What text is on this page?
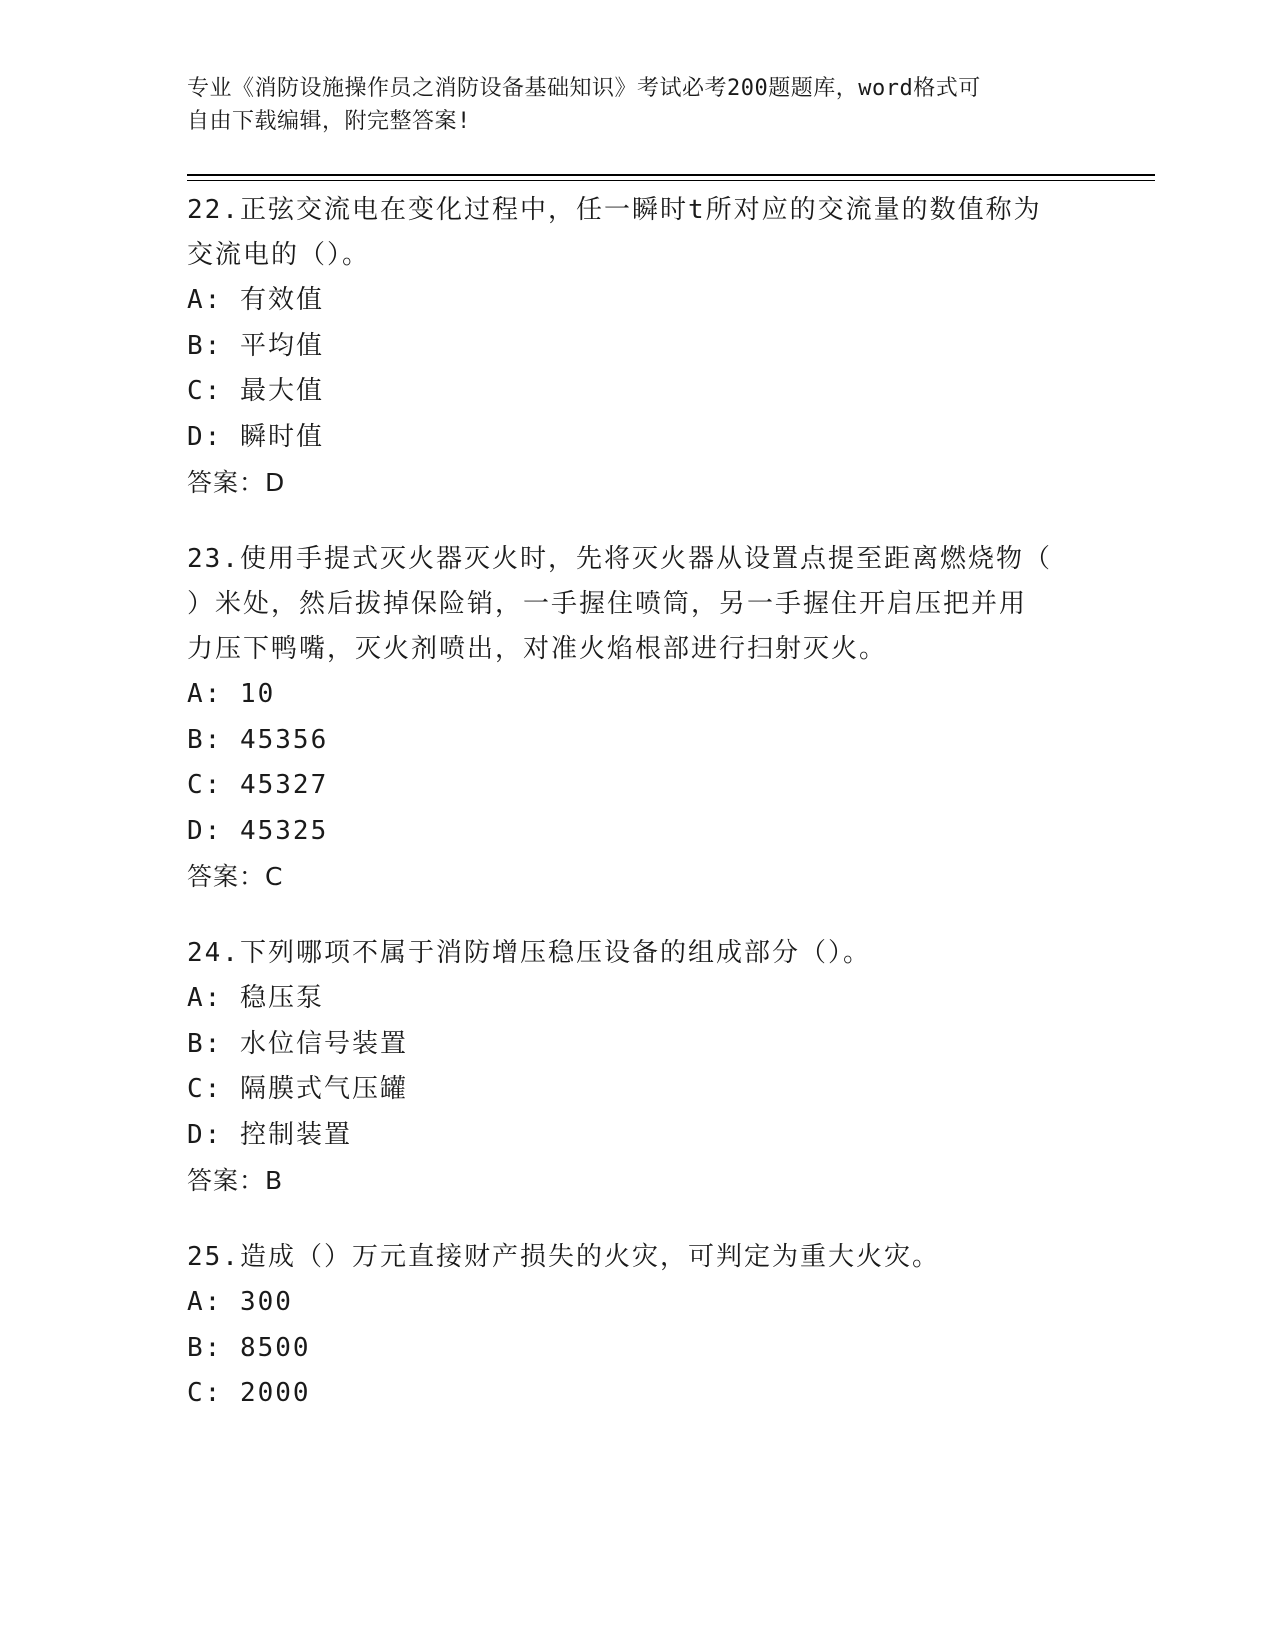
专业《消防设施操作员之消防设备基础知识》考试必考200题题库，word格式可
自由下载编辑，附完整答案!
22.正弦交流电在变化过程中，任一瞬时t所对应的交流量的数值称为
交流电的（）。
A: 有效值
B: 平均值
C: 最大值
D: 瞬时值
答案：D
23.使用手提式灭火器灭火时，先将灭火器从设置点提至距离燃烧物（
）米处，然后拔掉保险销，一手握住喷筒，另一手握住开启压把并用
力压下鸭嘴，灭火剂喷出，对准火焰根部进行扫射灭火。
A: 10
B: 45356
C: 45327
D: 45325
答案：C
24.下列哪项不属于消防增压稳压设备的组成部分（）。
A: 稳压泵
B: 水位信号装置
C: 隔膜式气压罐
D: 控制装置
答案：B
25.造成（）万元直接财产损失的火灾，可判定为重大火灾。
A: 300
B: 8500
C: 2000
